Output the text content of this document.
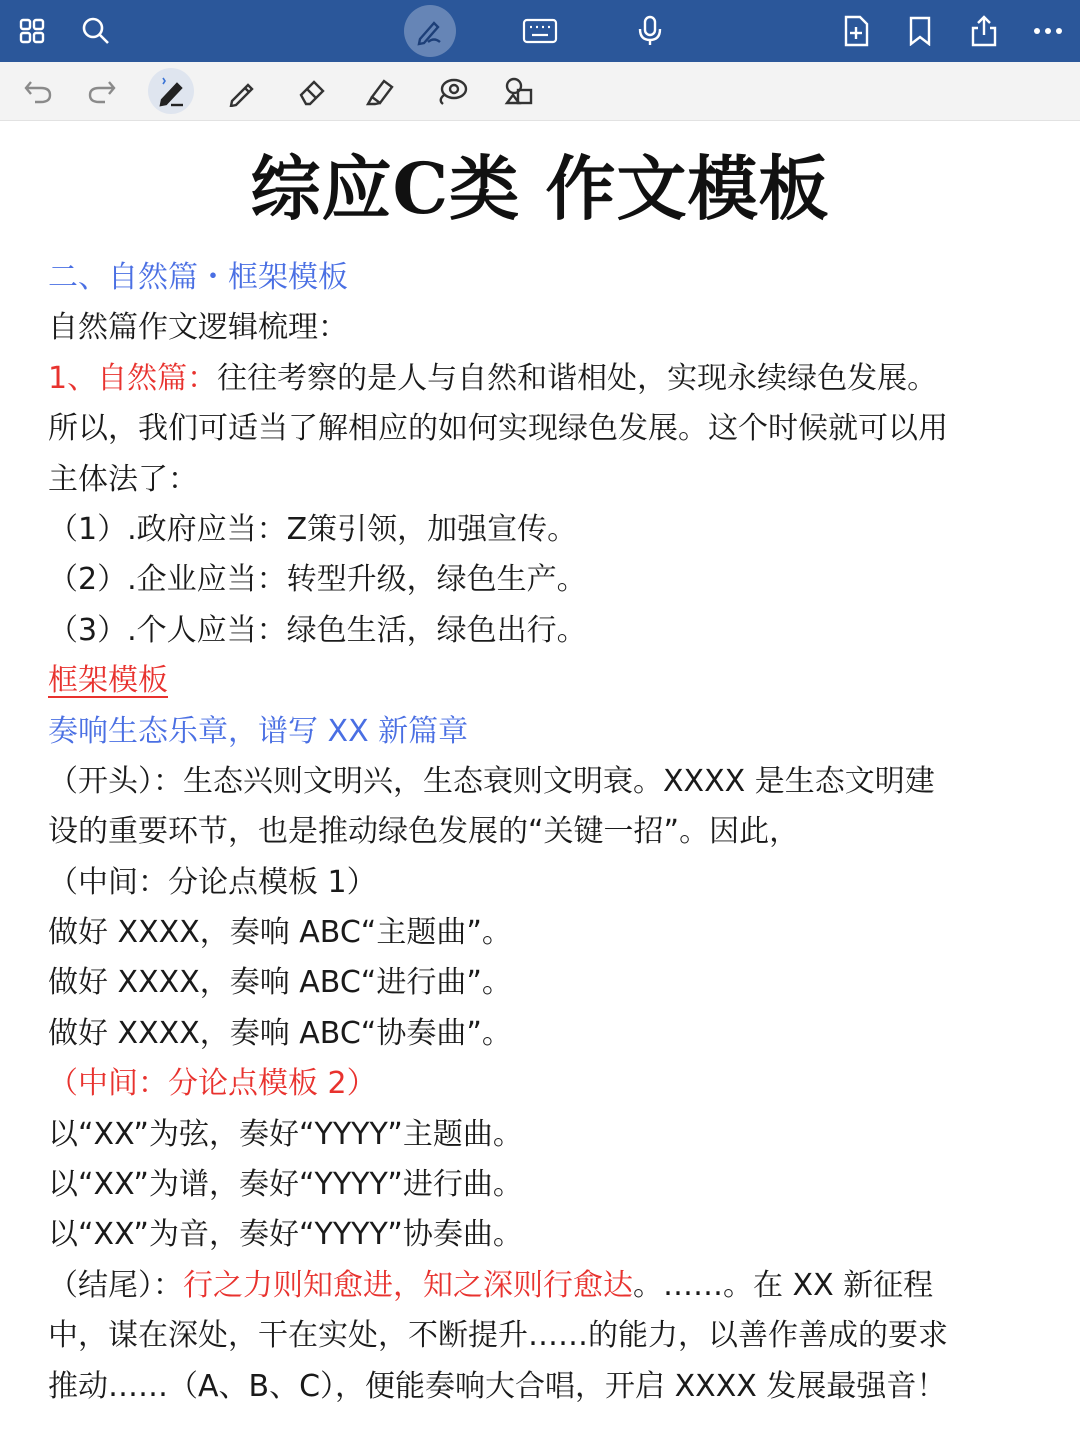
综应C类 作文模板
二、自然篇・框架模板
自然篇作文逻辑梳理：
1、自然篇：往往考察的是人与自然和谐相处，实现永续绿色发展。
所以，我们可适当了解相应的如何实现绿色发展。这个时候就可以用
主体法了：
（1）.政府应当：Z策引领，加强宣传。
（2）.企业应当：转型升级，绿色生产。
（3）.个人应当：绿色生活，绿色出行。
框架模板
奏响生态乐章，谱写 XX 新篇章
（开头）：生态兴则文明兴，生态衰则文明衰。XXXX 是生态文明建
设的重要环节，也是推动绿色发展的“关键一招”。因此，
（中间：分论点模板 1）
做好 XXXX，奏响 ABC“主题曲”。
做好 XXXX，奏响 ABC“进行曲”。
做好 XXXX，奏响 ABC“协奏曲”。
（中间：分论点模板 2）
以“XX”为弦，奏好“YYYY”主题曲。
以“XX”为谱，奏好“YYYY”进行曲。
以“XX”为音，奏好“YYYY”协奏曲。
（结尾）：行之力则知愈进，知之深则行愈达。……。在 XX 新征程
中，谋在深处，干在实处，不断提升……的能力，以善作善成的要求
推动……（A、B、C），便能奏响大合唱，开启 XXXX 发展最强音！
